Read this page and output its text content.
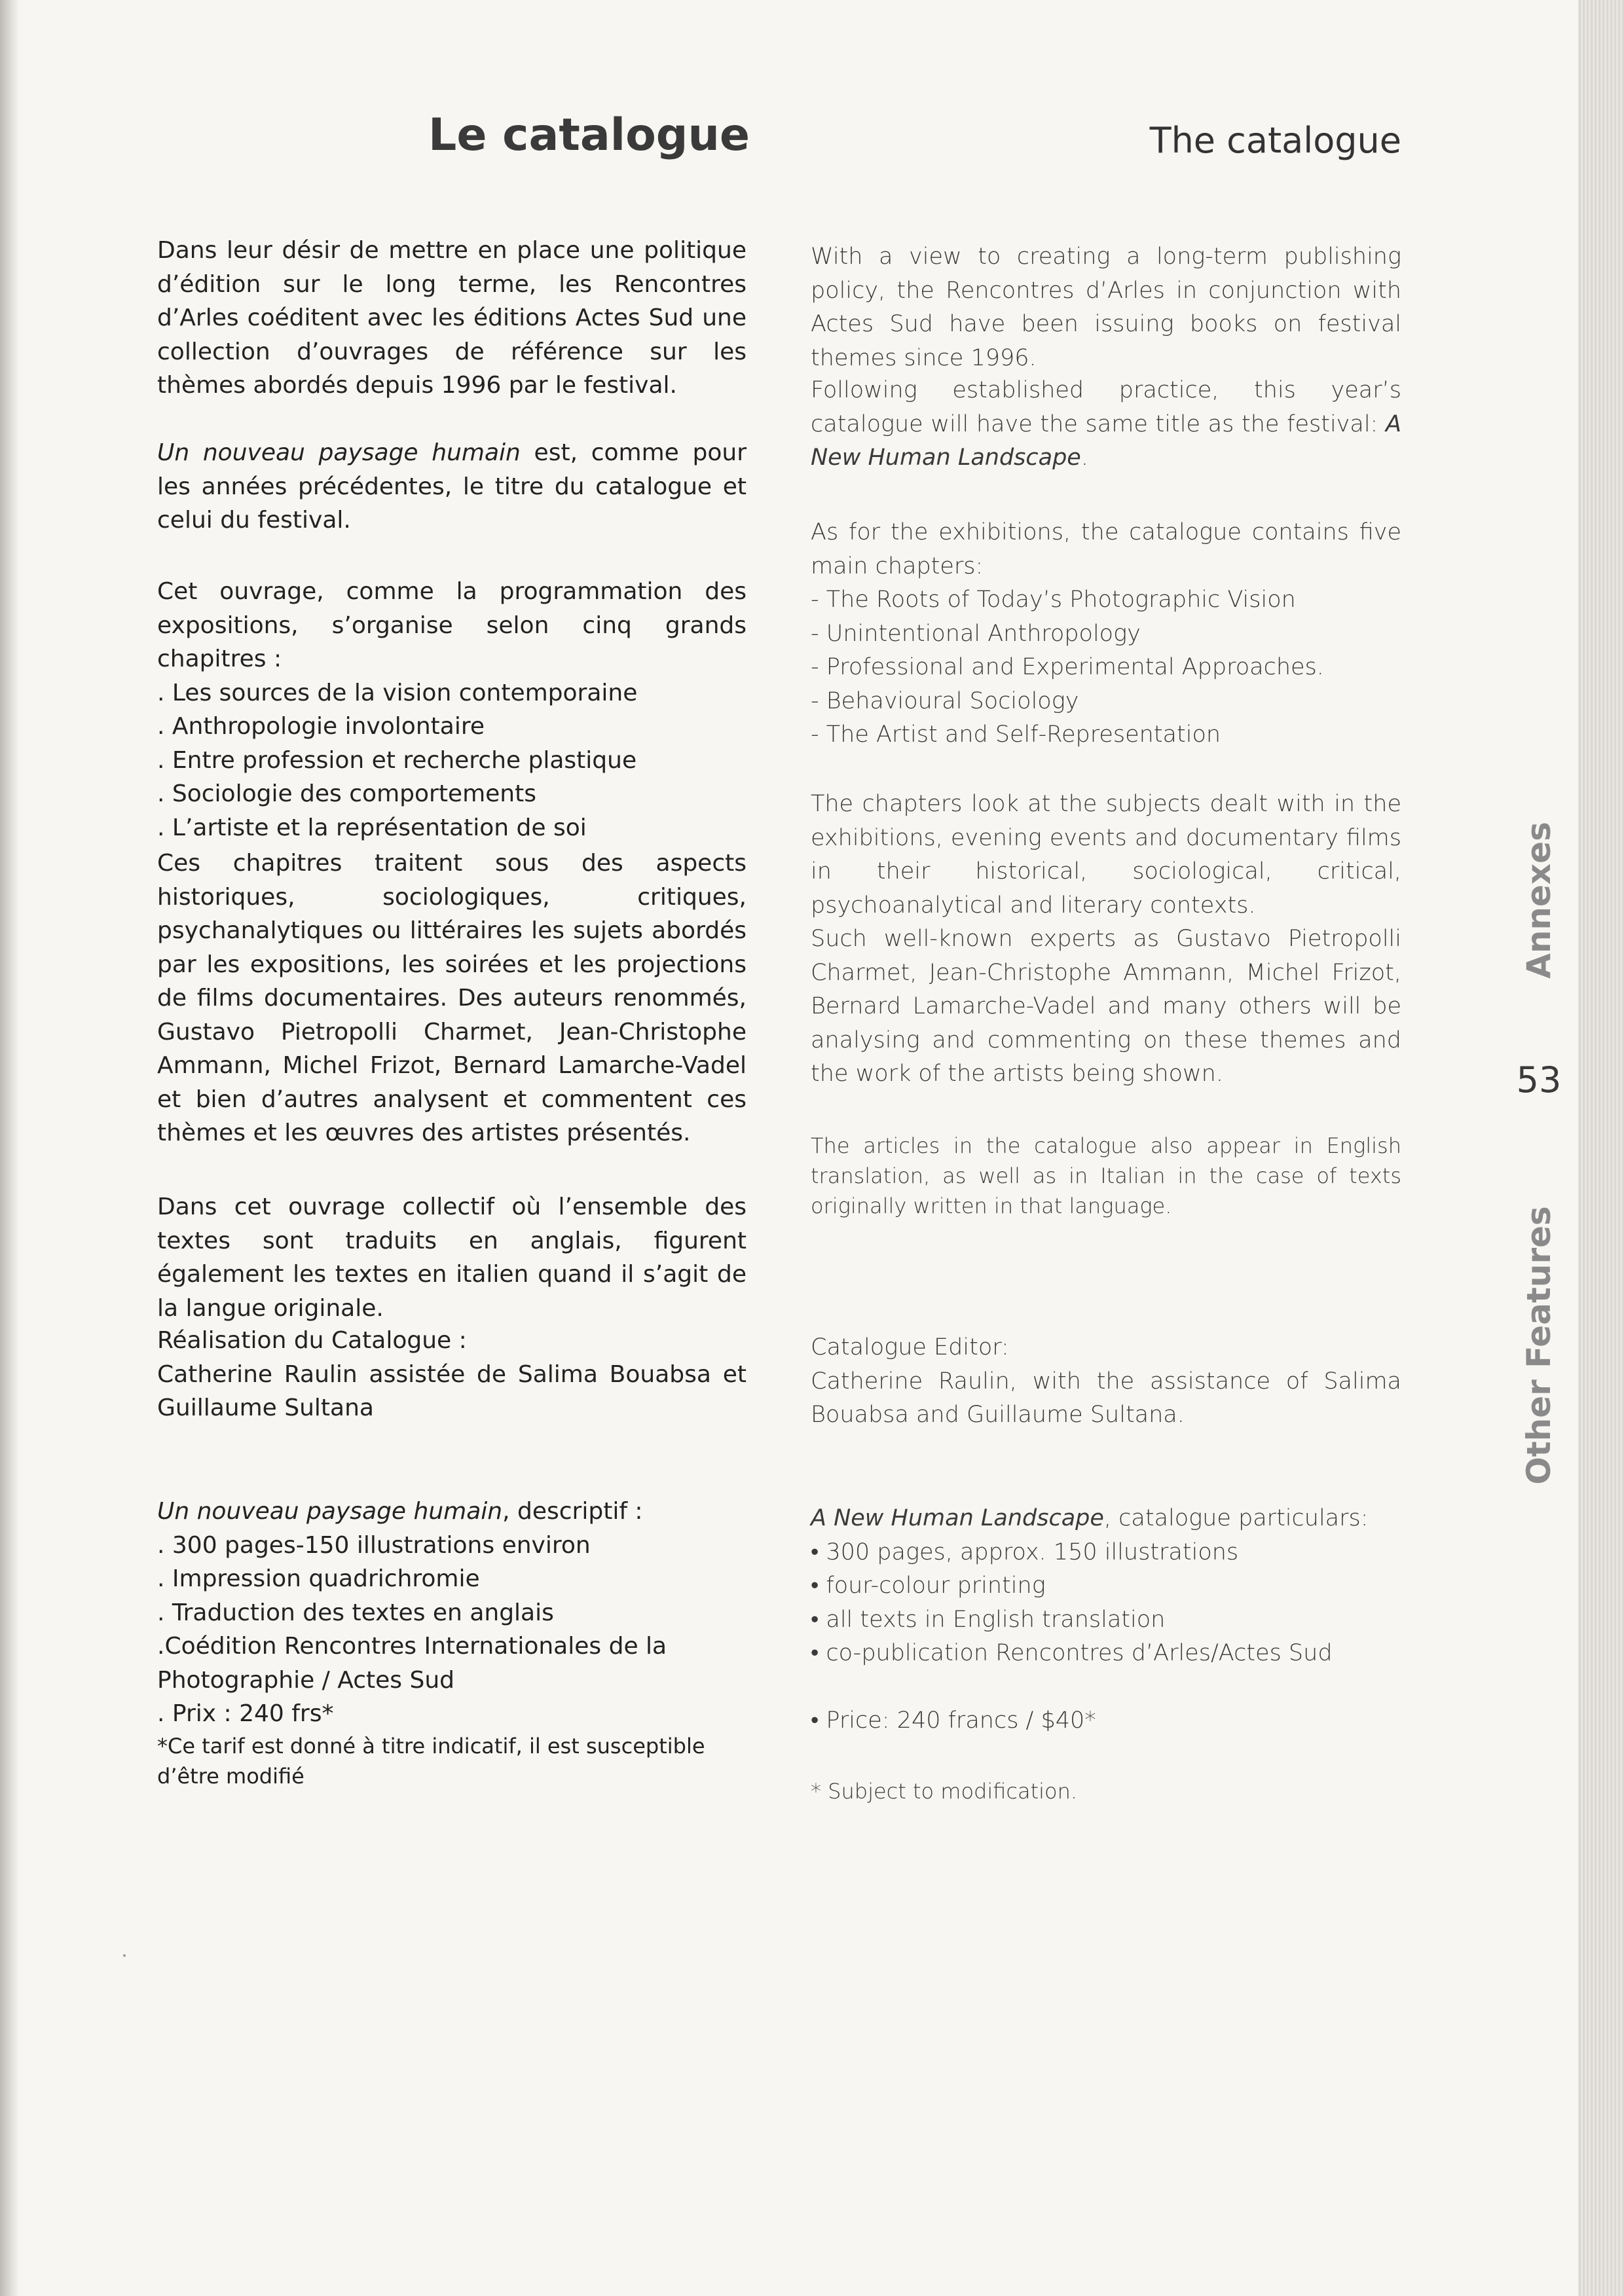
Le catalogue	The catalogue

Dans leur désir de mettre en place une politique d’édition sur le long terme, les Rencontres d’Arles coéditent avec les éditions Actes Sud une collection d’ouvrages de référence sur les thèmes abordés depuis 1996 par le festival.

Un nouveau paysage humain est, comme pour les années précédentes, le titre du catalogue et celui du festival.

Cet ouvrage, comme la programmation des expositions, s’organise selon cinq grands chapitres :

. Les sources de la vision contemporaine

. Anthropologie involontaire

. Entre profession et recherche plastique

. Sociologie des comportements

. L’artiste et la représentation de soi

Ces chapitres traitent sous des aspects historiques, sociologiques, critiques, psychanalytiques ou littéraires les sujets abordés par les expositions, les soirées et les projections de films documentaires. Des auteurs renommés, Gustavo Pietropolli Charmet, Jean-Christophe Ammann, Michel Frizot, Bernard Lamarche-Vadel et bien d’autres analysent et commentent ces thèmes et les œuvres des artistes présentés.

Dans cet ouvrage collectif où l’ensemble des textes sont traduits en anglais, figurent également les textes en italien quand il s’agit de la langue originale.

Réalisation du Catalogue :

Catherine Raulin assistée de Salima Bouabsa et Guillaume Sultana

Un nouveau paysage humain, descriptif :

. 300 pages-150 illustrations environ

. Impression quadrichromie

. Traduction des textes en anglais

.Coédition Rencontres Internationales de la Photographie / Actes Sud

. Prix : 240 frs*

*Ce tarif est donné à titre indicatif, il est susceptible d’être modifié

With a view to creating a long-term publishing policy, the Rencontres d’Arles in conjunction with Actes Sud have been issuing books on festival themes since 1996.

Following established practice, this year’s catalogue will have the same title as the festival: A New Human Landscape.

As for the exhibitions, the catalogue contains five main chapters:

- The Roots of Today’s Photographic Vision

- Unintentional Anthropology

- Professional and Experimental Approaches.

- Behavioural Sociology

- The Artist and Self-Representation

The chapters look at the subjects dealt with in the exhibitions, evening events and documentary films in their historical, sociological, critical, psychoanalytical and literary contexts.

Such well-known experts as Gustavo Pietropolli Charmet, Jean-Christophe Ammann, Michel Frizot, Bernard Lamarche-Vadel and many others will be analysing and commenting on these themes and the work of the artists being shown.

The articles in the catalogue also appear in English translation, as well as in Italian in the case of texts originally written in that language.

Catalogue Editor:

Catherine Raulin, with the assistance of Salima Bouabsa and Guillaume Sultana.

A New Human Landscape, catalogue particulars:

• 300 pages, approx. 150 illustrations

• four-colour printing

• all texts in English translation

• co-publication Rencontres d’Arles/Actes Sud

• Price: 240 francs / $40*

* Subject to modification.

Annexes
53
Other Features
